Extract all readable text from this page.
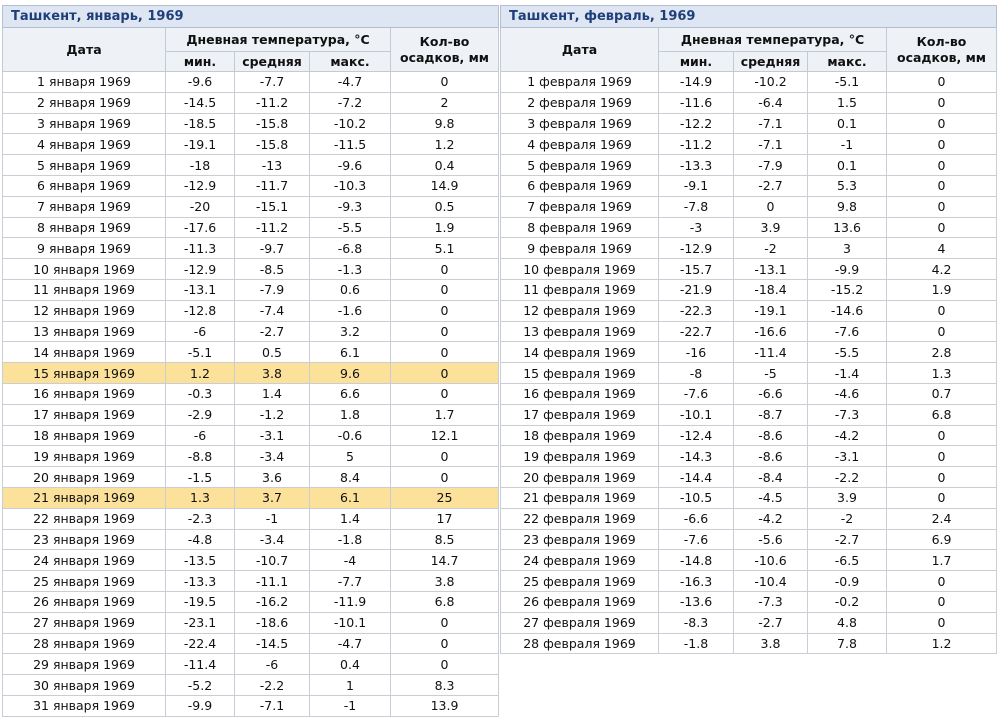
Ташкент, январь, 1969				
Дата	Дневная температура, °C			Кол-во
осадков, мм
	мин.	средняя	макс.	
1 января 1969	-9.6	-7.7	-4.7	0
2 января 1969	-14.5	-11.2	-7.2	2
3 января 1969	-18.5	-15.8	-10.2	9.8
4 января 1969	-19.1	-15.8	-11.5	1.2
5 января 1969	-18	-13	-9.6	0.4
6 января 1969	-12.9	-11.7	-10.3	14.9
7 января 1969	-20	-15.1	-9.3	0.5
8 января 1969	-17.6	-11.2	-5.5	1.9
9 января 1969	-11.3	-9.7	-6.8	5.1
10 января 1969	-12.9	-8.5	-1.3	0
11 января 1969	-13.1	-7.9	0.6	0
12 января 1969	-12.8	-7.4	-1.6	0
13 января 1969	-6	-2.7	3.2	0
14 января 1969	-5.1	0.5	6.1	0
15 января 1969	1.2	3.8	9.6	0
16 января 1969	-0.3	1.4	6.6	0
17 января 1969	-2.9	-1.2	1.8	1.7
18 января 1969	-6	-3.1	-0.6	12.1
19 января 1969	-8.8	-3.4	5	0
20 января 1969	-1.5	3.6	8.4	0
21 января 1969	1.3	3.7	6.1	25
22 января 1969	-2.3	-1	1.4	17
23 января 1969	-4.8	-3.4	-1.8	8.5
24 января 1969	-13.5	-10.7	-4	14.7
25 января 1969	-13.3	-11.1	-7.7	3.8
26 января 1969	-19.5	-16.2	-11.9	6.8
27 января 1969	-23.1	-18.6	-10.1	0
28 января 1969	-22.4	-14.5	-4.7	0
29 января 1969	-11.4	-6	0.4	0
30 января 1969	-5.2	-2.2	1	8.3
31 января 1969	-9.9	-7.1	-1	13.9
Ташкент, февраль, 1969				
Дата	Дневная температура, °C			Кол-во
осадков, мм
	мин.	средняя	макс.	
1 февраля 1969	-14.9	-10.2	-5.1	0
2 февраля 1969	-11.6	-6.4	1.5	0
3 февраля 1969	-12.2	-7.1	0.1	0
4 февраля 1969	-11.2	-7.1	-1	0
5 февраля 1969	-13.3	-7.9	0.1	0
6 февраля 1969	-9.1	-2.7	5.3	0
7 февраля 1969	-7.8	0	9.8	0
8 февраля 1969	-3	3.9	13.6	0
9 февраля 1969	-12.9	-2	3	4
10 февраля 1969	-15.7	-13.1	-9.9	4.2
11 февраля 1969	-21.9	-18.4	-15.2	1.9
12 февраля 1969	-22.3	-19.1	-14.6	0
13 февраля 1969	-22.7	-16.6	-7.6	0
14 февраля 1969	-16	-11.4	-5.5	2.8
15 февраля 1969	-8	-5	-1.4	1.3
16 февраля 1969	-7.6	-6.6	-4.6	0.7
17 февраля 1969	-10.1	-8.7	-7.3	6.8
18 февраля 1969	-12.4	-8.6	-4.2	0
19 февраля 1969	-14.3	-8.6	-3.1	0
20 февраля 1969	-14.4	-8.4	-2.2	0
21 февраля 1969	-10.5	-4.5	3.9	0
22 февраля 1969	-6.6	-4.2	-2	2.4
23 февраля 1969	-7.6	-5.6	-2.7	6.9
24 февраля 1969	-14.8	-10.6	-6.5	1.7
25 февраля 1969	-16.3	-10.4	-0.9	0
26 февраля 1969	-13.6	-7.3	-0.2	0
27 февраля 1969	-8.3	-2.7	4.8	0
28 февраля 1969	-1.8	3.8	7.8	1.2
